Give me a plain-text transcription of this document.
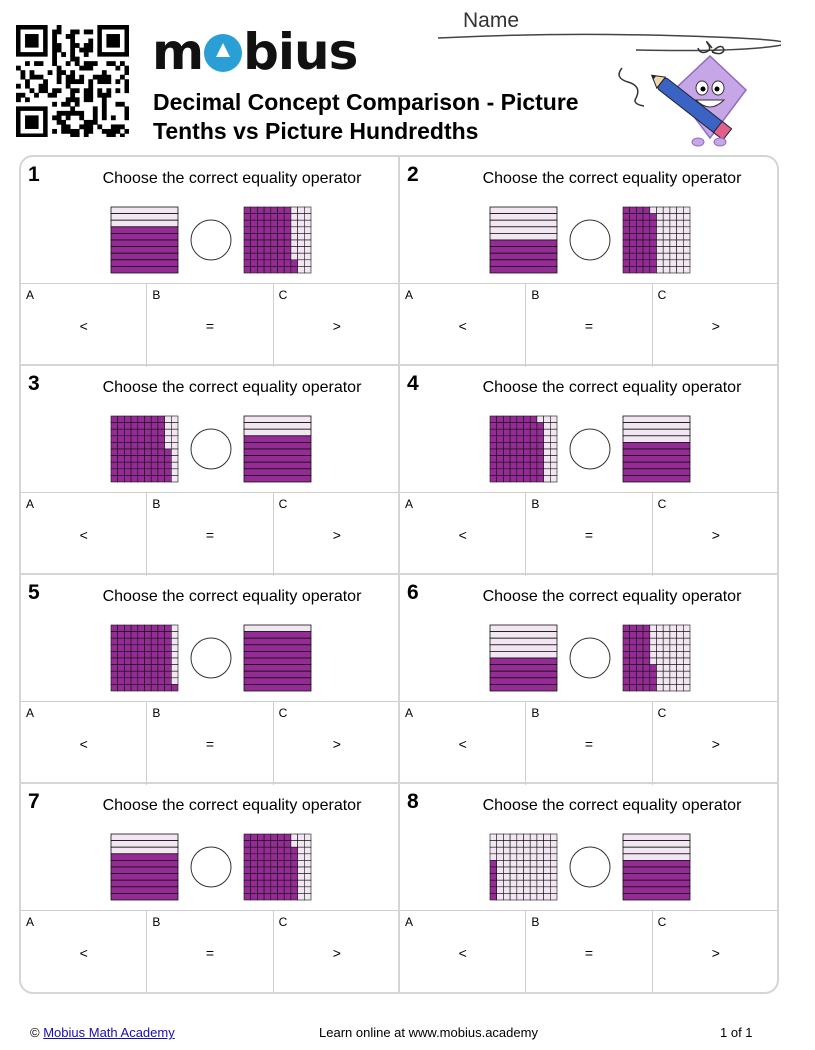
m bius
Decimal Concept Comparison - Picture
Tenths vs Picture Hundredths
Name
1	Choose the correct equality operator
A
<
B
=
C
>
2	Choose the correct equality operator
A
<
B
=
C
>
3	Choose the correct equality operator
A
<
B
=
C
>
4	Choose the correct equality operator
A
<
B
=
C
>
5	Choose the correct equality operator
A
<
B
=
C
>
6	Choose the correct equality operator
A
<
B
=
C
>
7	Choose the correct equality operator
A
<
B
=
C
>
8	Choose the correct equality operator
A
<
B
=
C
>
© Mobius Math Academy	Learn online at www.mobius.academy	1 of 1
